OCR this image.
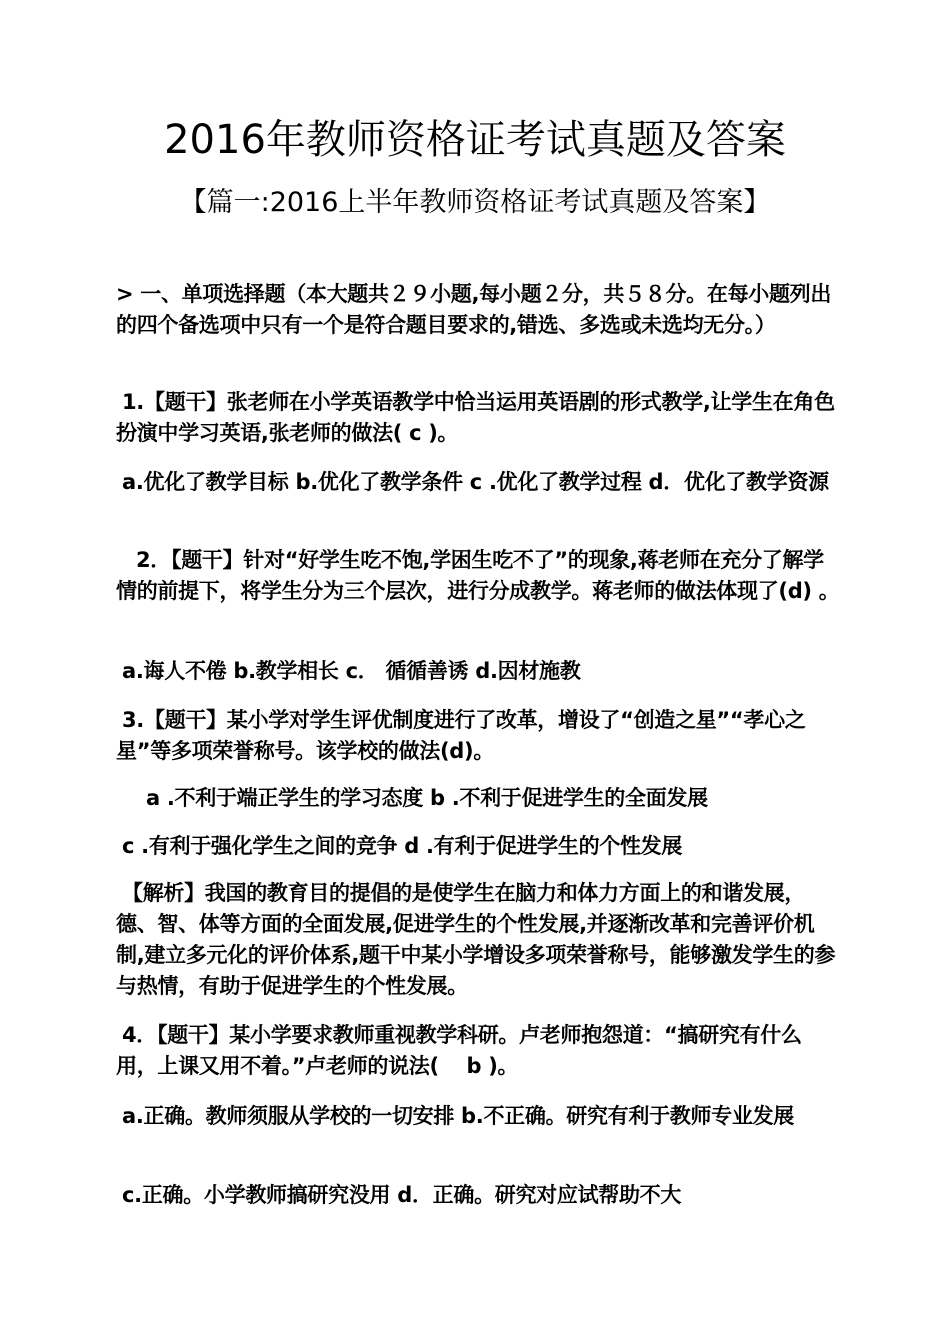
2016年教师资格证考试真题及答案
【篇一:2016上半年教师资格证考试真题及答案】

> 一、单项选择题（本大题共２９小题,每小题２分，共５８分。在每小题列出的四个备选项中只有一个是符合题目要求的,错选、多选或未选均无分。）

1.【题干】张老师在小学英语教学中恰当运用英语剧的形式教学,让学生在角色扮演中学习英语,张老师的做法( c )。

a.优化了教学目标 b.优化了教学条件 c .优化了教学过程 d．优化了教学资源

2．【题干】针对“好学生吃不饱,学困生吃不了”的现象,蒋老师在充分了解学情的前提下，将学生分为三个层次，进行分成教学。蒋老师的做法体现了(d) 。

a.诲人不倦 b.教学相长 c． 循循善诱 d.因材施教

3.【题干】某小学对学生评优制度进行了改革，增设了“创造之星”“孝心之星”等多项荣誉称号。该学校的做法(d)。

a .不利于端正学生的学习态度 b .不利于促进学生的全面发展

c .有利于强化学生之间的竞争 d .有利于促进学生的个性发展

【解析】我国的教育目的提倡的是使学生在脑力和体力方面上的和谐发展，德、智、体等方面的全面发展,促进学生的个性发展,并逐渐改革和完善评价机制,建立多元化的评价体系,题干中某小学增设多项荣誉称号，能够激发学生的参与热情，有助于促进学生的个性发展。

4．【题干】某小学要求教师重视教学科研。卢老师抱怨道：“搞研究有什么用，上课又用不着。”卢老师的说法(　 b )。

a.正确。教师须服从学校的一切安排 b.不正确。研究有利于教师专业发展

c.正确。小学教师搞研究没用 d．正确。研究对应试帮助不大
